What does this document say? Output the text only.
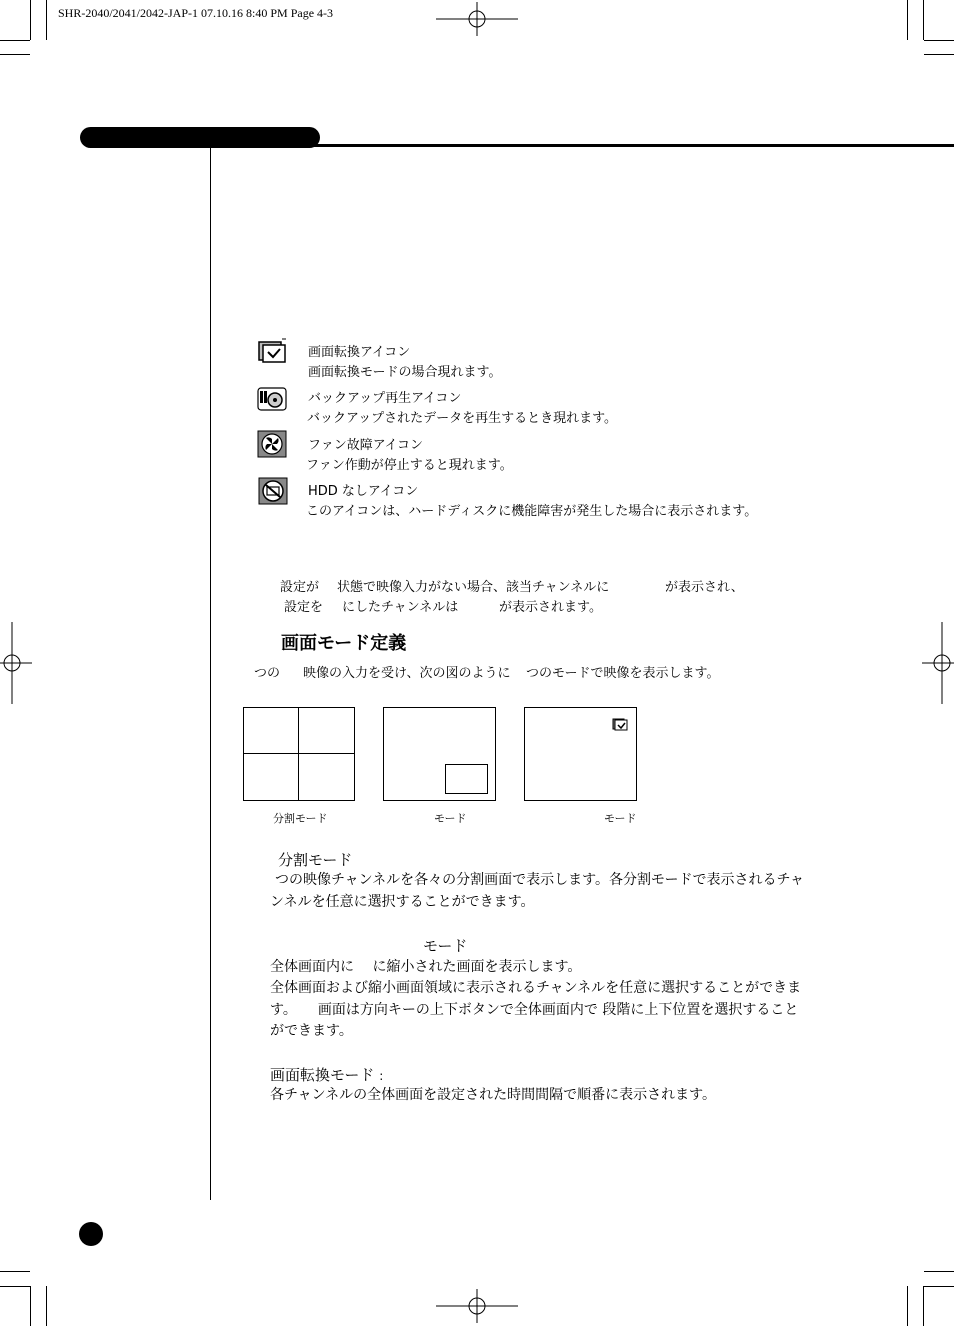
SHR-2040/2041/2042-JAP-1 07.10.16 8:40 PM Page 4-3
画面転換アイコン
画面転換モードの場合現れます。
バックアップ再生アイコン
バックアップされたデータを再生するとき現れます。
ファン故障アイコン
ファン作動が停止すると現れます。
HDD なしアイコン
このアイコンは、ハードディスクに機能障害が発生した場合に表示されます。
設定が 状態で映像入力がない場合、該当チャンネルに	が表示され、
設定を にしたチャンネルは	が表示されます。
画面モード定義
つの 映像の入力を受け、次の図のように つのモードで映像を表示します。
分割モード	モード	モード
分割モード
つの映像チャンネルを各々の分割画面で表示します。各分割モードで表示されるチャ
ンネルを任意に選択することができます。
モード
全体画面内に　 に縮小された画面を表示します。
全体画面および縮小画面領域に表示されるチャンネルを任意に選択することができま
す。　　画面は方向キーの上下ボタンで全体画面内で 段階に上下位置を選択すること
ができます。
画面転換モード :
各チャンネルの全体画面を設定された時間間隔で順番に表示されます。
